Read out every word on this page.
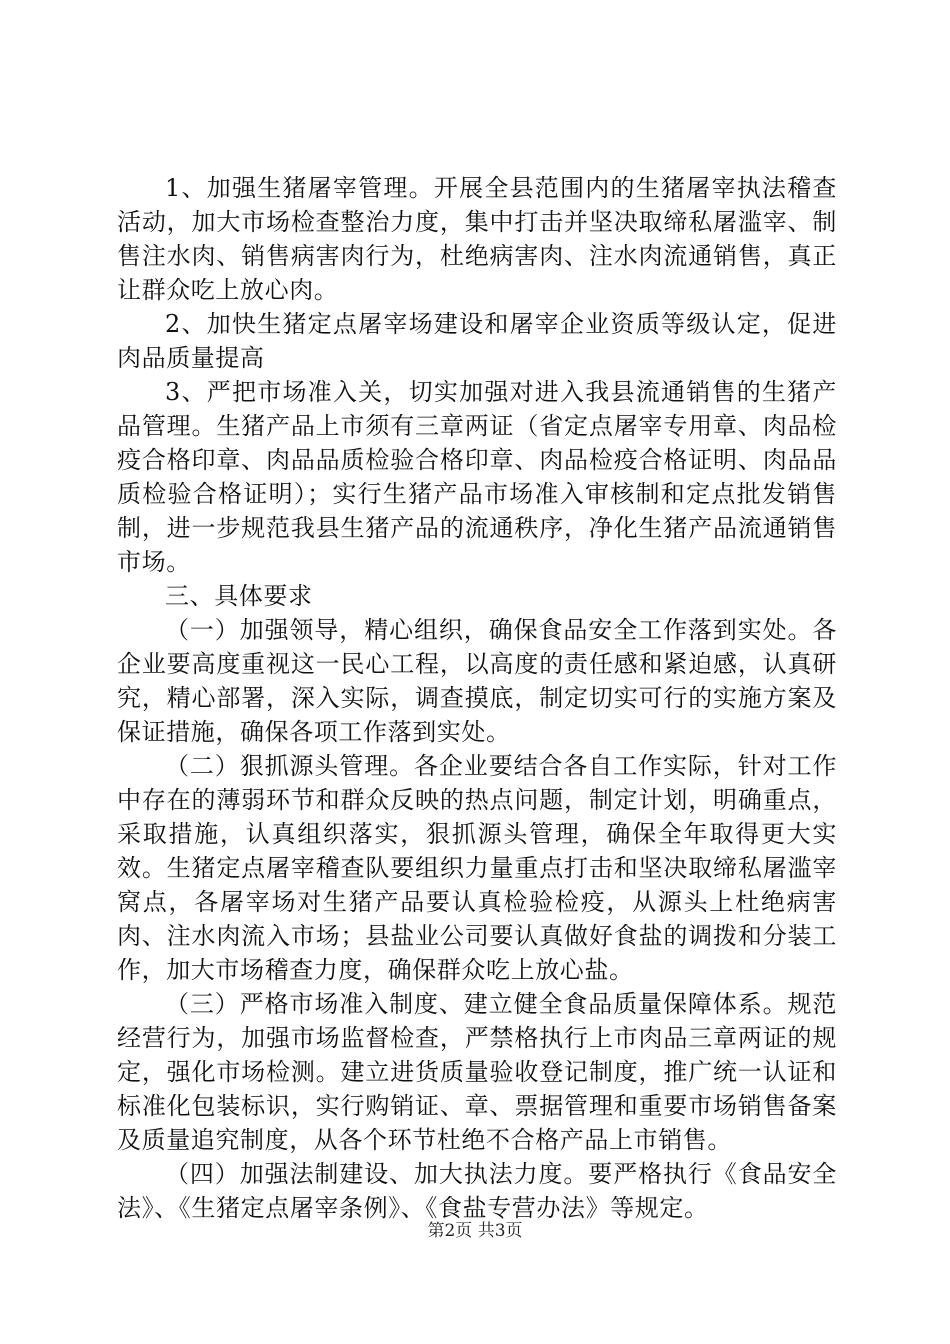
1、加强生猪屠宰管理。开展全县范围内的生猪屠宰执法稽查活动，加大市场检查整治力度，集中打击并坚决取缔私屠滥宰、制售注水肉、销售病害肉行为，杜绝病害肉、注水肉流通销售，真正让群众吃上放心肉。

2、加快生猪定点屠宰场建设和屠宰企业资质等级认定，促进肉品质量提高

3、严把市场准入关，切实加强对进入我县流通销售的生猪产品管理。生猪产品上市须有三章两证（省定点屠宰专用章、肉品检疫合格印章、肉品品质检验合格印章、肉品检疫合格证明、肉品品质检验合格证明）；实行生猪产品市场准入审核制和定点批发销售制，进一步规范我县生猪产品的流通秩序，净化生猪产品流通销售市场。

三、具体要求

（一）加强领导，精心组织，确保食品安全工作落到实处。各企业要高度重视这一民心工程，以高度的责任感和紧迫感，认真研究，精心部署，深入实际，调查摸底，制定切实可行的实施方案及保证措施，确保各项工作落到实处。

（二）狠抓源头管理。各企业要结合各自工作实际，针对工作中存在的薄弱环节和群众反映的热点问题，制定计划，明确重点，采取措施，认真组织落实，狠抓源头管理，确保全年取得更大实效。生猪定点屠宰稽查队要组织力量重点打击和坚决取缔私屠滥宰窝点，各屠宰场对生猪产品要认真检验检疫，从源头上杜绝病害肉、注水肉流入市场；县盐业公司要认真做好食盐的调拨和分装工作，加大市场稽查力度，确保群众吃上放心盐。

（三）严格市场准入制度、建立健全食品质量保障体系。规范经营行为，加强市场监督检查，严禁格执行上市肉品三章两证的规定，强化市场检测。建立进货质量验收登记制度，推广统一认证和标准化包装标识，实行购销证、章、票据管理和重要市场销售备案及质量追究制度，从各个环节杜绝不合格产品上市销售。

（四）加强法制建设、加大执法力度。要严格执行《食品安全法》、《生猪定点屠宰条例》、《食盐专营办法》等规定。

第2页 共3页
